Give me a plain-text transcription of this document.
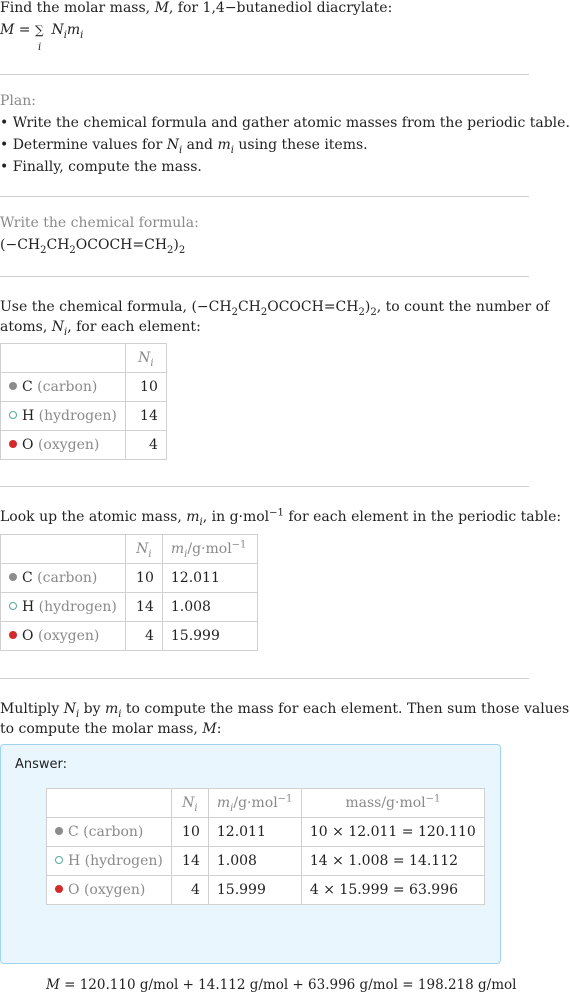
Find the molar mass, M, for 1,4−butanediol diacrylate:
M = ∑
i
$N_im_i$
Plan:
• Write the chemical formula and gather atomic masses from the periodic table.
• Determine values for $N_i$ and $m_i$ using these items.
• Finally, compute the mass.
Write the chemical formula:
$(-CH_2CH_2OCOCH=CH_2)_2$
Use the chemical formula, $(-CH_2CH_2OCOCH=CH_2)_2$, to count the number of
atoms, $N_i$, for each element:
	$N_i$
C (carbon)	10
H (hydrogen)	14
O (oxygen)	4
Look up the atomic mass, $m_i$, in g·mol$^{-1}$ for each element in the periodic table:
	$N_i$	$m_i/g\cdot mol^{-1}$
C (carbon)	10	12.011
H (hydrogen)	14	1.008
O (oxygen)	4	15.999
Multiply $N_i$ by $m_i$ to compute the mass for each element. Then sum those values
to compute the molar mass, M:
Answer:
	$N_i$	$m_i/g\cdot mol^{-1}$	mass/g·mol$^{-1}$
C (carbon)	10	12.011	10 × 12.011 = 120.110
H (hydrogen)	14	1.008	14 × 1.008 = 14.112
O (oxygen)	4	15.999	4 × 15.999 = 63.996
M = 120.110 g/mol + 14.112 g/mol + 63.996 g/mol = 198.218 g/mol
